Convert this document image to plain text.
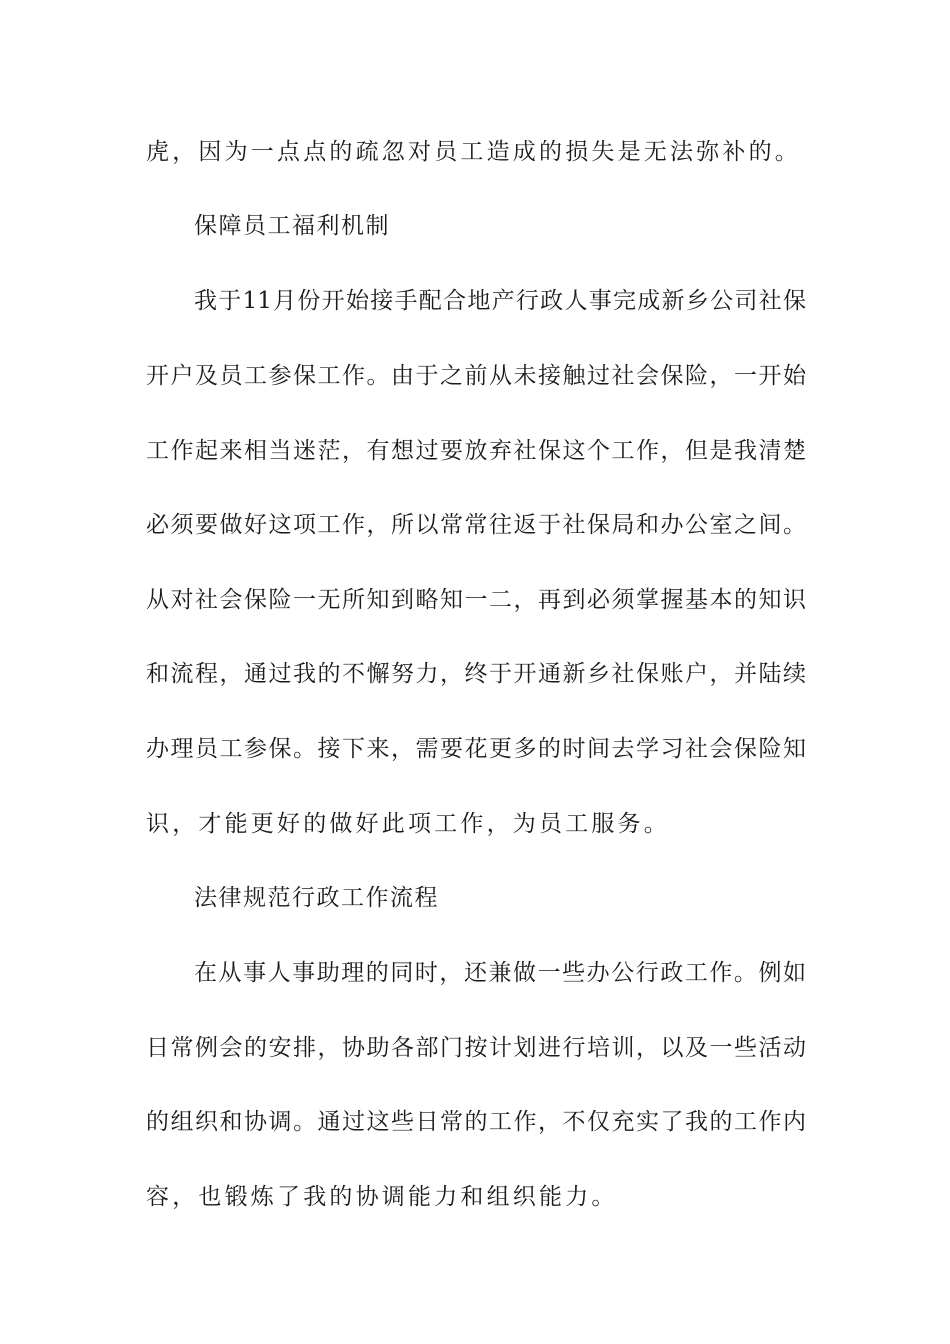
虎，因为一点点的疏忽对员工造成的损失是无法弥补的。
保障员工福利机制
我于11月份开始接手配合地产行政人事完成新乡公司社保
开户及员工参保工作。由于之前从未接触过社会保险，一开始
工作起来相当迷茫，有想过要放弃社保这个工作，但是我清楚
必须要做好这项工作，所以常常往返于社保局和办公室之间。
从对社会保险一无所知到略知一二，再到必须掌握基本的知识
和流程，通过我的不懈努力，终于开通新乡社保账户，并陆续
办理员工参保。接下来，需要花更多的时间去学习社会保险知
识，才能更好的做好此项工作，为员工服务。
法律规范行政工作流程
在从事人事助理的同时，还兼做一些办公行政工作。例如
日常例会的安排，协助各部门按计划进行培训，以及一些活动
的组织和协调。通过这些日常的工作，不仅充实了我的工作内
容，也锻炼了我的协调能力和组织能力。
